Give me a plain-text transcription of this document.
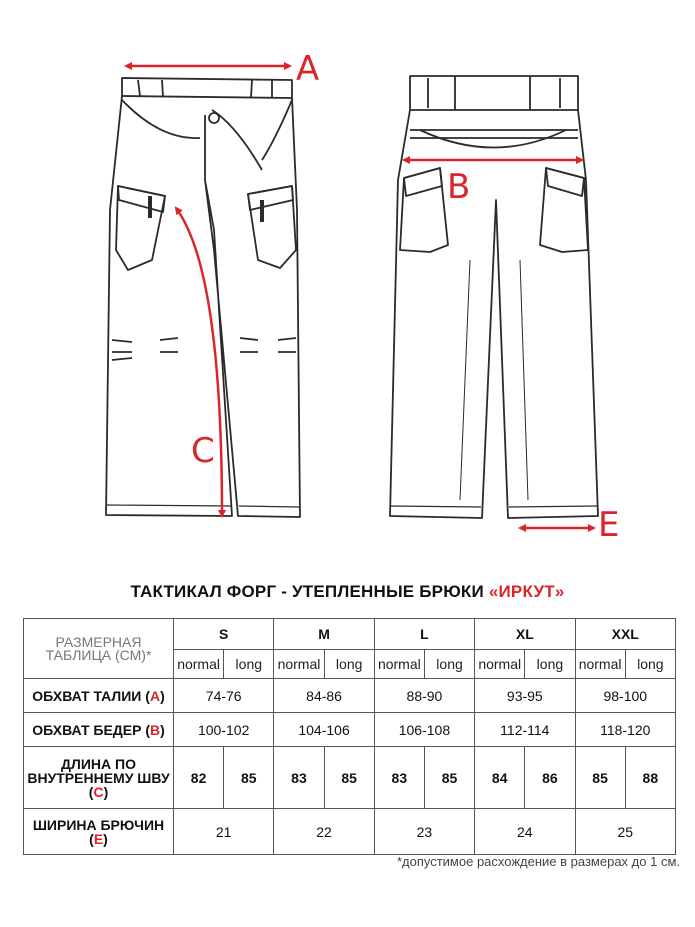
A
B
C
E
ТАКТИКАЛ ФОРГ - УТЕПЛЕННЫЕ БРЮКИ «ИРКУТ»
РАЗМЕРНАЯ ТАБЛИЦА (СМ)*	S		M		L		XL		XXL	
	normal	long	normal	long	normal	long	normal	long	normal	long
ОБХВАТ ТАЛИИ (A)	74-76		84-86		88-90		93-95		98-100	
ОБХВАТ БЕДЕР (B)	100-102		104-106		106-108		112-114		118-120	
ДЛИНА ПО
ВНУТРЕННЕМУ ШВУ (C)	82	85	83	85	83	85	84	86	85	88
ШИРИНА БРЮЧИН (E)	21		22		23		24		25	
*допустимое расхождение в размерах до 1 см.
